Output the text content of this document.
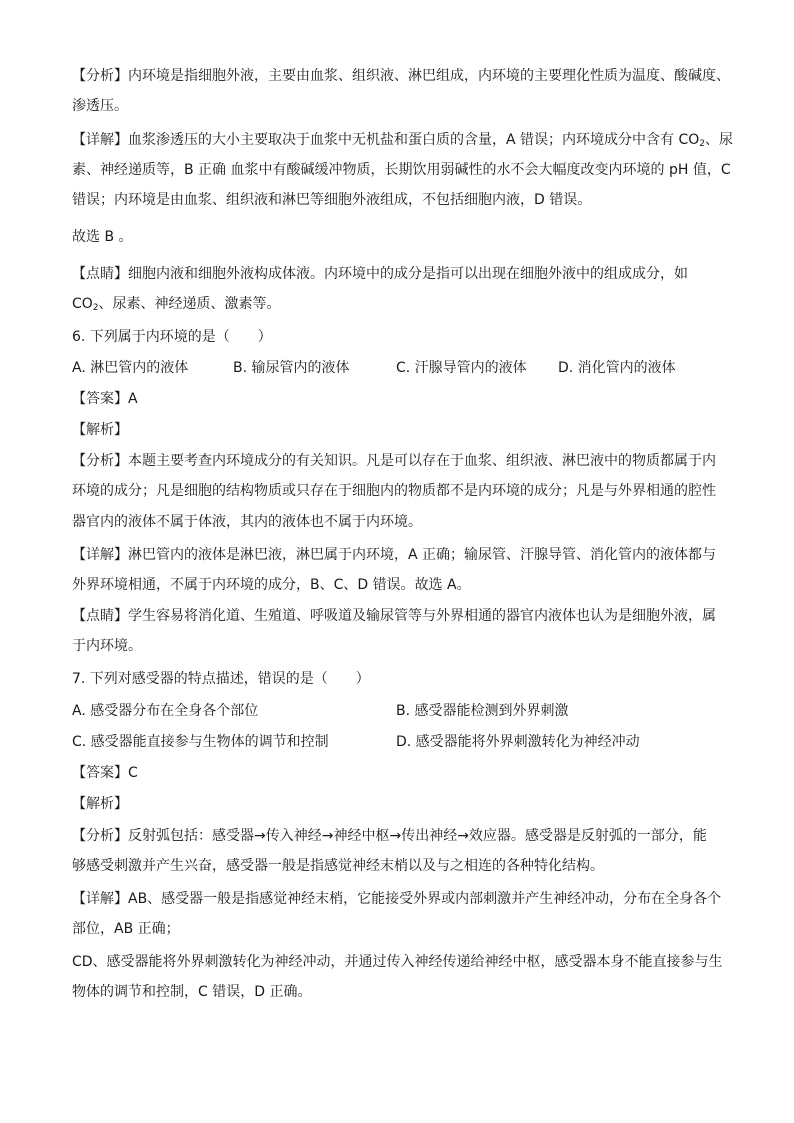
【分析】内环境是指细胞外液，主要由血浆、组织液、淋巴组成，内环境的主要理化性质为温度、酸碱度、
渗透压。
【详解】血浆渗透压的大小主要取决于血浆中无机盐和蛋白质的含量，A 错误；内环境成分中含有 $CO_2$、尿
素、神经递质等，B 正确 血浆中有酸碱缓冲物质，长期饮用弱碱性的水不会大幅度改变内环境的 pH 值，C
错误；内环境是由血浆、组织液和淋巴等细胞外液组成，不包括细胞内液，D 错误。
故选 B 。
【点睛】细胞内液和细胞外液构成体液。内环境中的成分是指可以出现在细胞外液中的组成成分，如
$CO_2$、尿素、神经递质、激素等。
6. 下列属于内环境的是（　　）
A. 淋巴管内的液体	B. 输尿管内的液体	C. 汗腺导管内的液体 D. 消化管内的液体
【答案】A
【解析】
【分析】本题主要考查内环境成分的有关知识。凡是可以存在于血浆、组织液、淋巴液中的物质都属于内
环境的成分；凡是细胞的结构物质或只存在于细胞内的物质都不是内环境的成分；凡是与外界相通的腔性
器官内的液体不属于体液，其内的液体也不属于内环境。
【详解】淋巴管内的液体是淋巴液，淋巴属于内环境，A 正确；输尿管、汗腺导管、消化管内的液体都与
外界环境相通，不属于内环境的成分，B、C、D 错误。故选 A。
【点睛】学生容易将消化道、生殖道、呼吸道及输尿管等与外界相通的器官内液体也认为是细胞外液，属
于内环境。
7. 下列对感受器的特点描述，错误的是（　　）
A. 感受器分布在全身各个部位	B. 感受器能检测到外界刺激
C. 感受器能直接参与生物体的调节和控制	D. 感受器能将外界刺激转化为神经冲动
【答案】C
【解析】
【分析】反射弧包括：感受器→传入神经→神经中枢→传出神经→效应器。感受器是反射弧的一部分，能
够感受刺激并产生兴奋，感受器一般是指感觉神经末梢以及与之相连的各种特化结构。
【详解】AB、感受器一般是指感觉神经末梢，它能接受外界或内部刺激并产生神经冲动，分布在全身各个
部位，AB 正确；
CD、感受器能将外界刺激转化为神经冲动，并通过传入神经传递给神经中枢，感受器本身不能直接参与生
物体的调节和控制，C 错误，D 正确。
